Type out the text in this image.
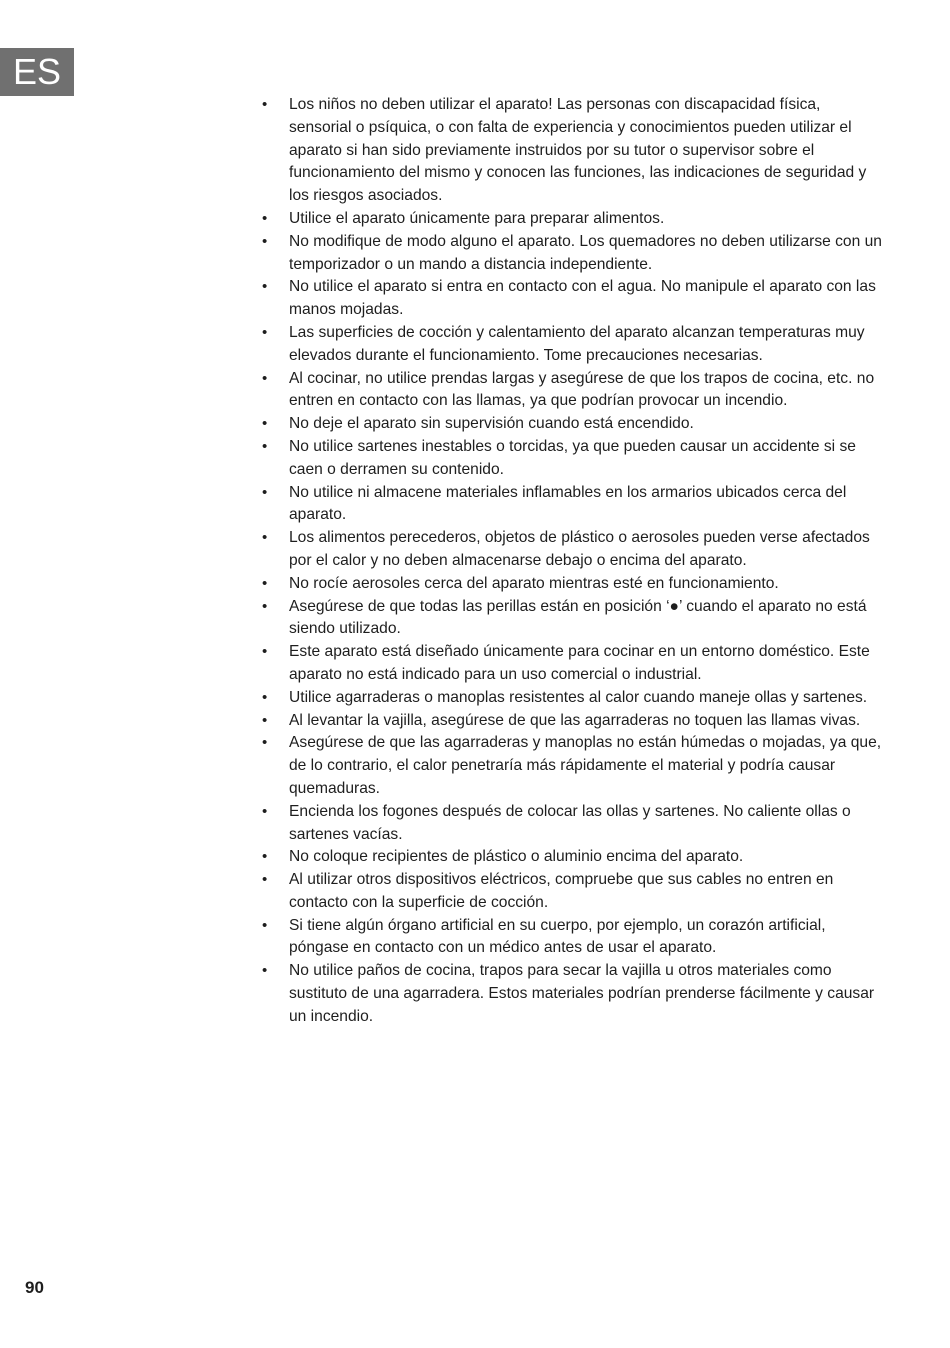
ES
• Los niños no deben utilizar el aparato! Las personas con discapacidad física, sensorial o psíquica, o con falta de experiencia y conocimientos pueden utilizar el aparato si han sido previamente instruidos por su tutor o supervisor sobre el funcionamiento del mismo y conocen las funciones, las indicaciones de seguridad y los riesgos asociados.
• Utilice el aparato únicamente para preparar alimentos.
• No modifique de modo alguno el aparato. Los quemadores no deben utilizarse con un temporizador o un mando a distancia independiente.
• No utilice el aparato si entra en contacto con el agua. No manipule el aparato con las manos mojadas.
• Las superficies de cocción y calentamiento del aparato alcanzan temperaturas muy elevados durante el funcionamiento. Tome precauciones necesarias.
• Al cocinar, no utilice prendas largas y asegúrese de que los trapos de cocina, etc. no entren en contacto con las llamas, ya que podrían provocar un incendio.
• No deje el aparato sin supervisión cuando está encendido.
• No utilice sartenes inestables o torcidas, ya que pueden causar un accidente si se caen o derramen su contenido.
• No utilice ni almacene materiales inflamables en los armarios ubicados cerca del aparato.
• Los alimentos perecederos, objetos de plástico o aerosoles pueden verse afectados por el calor y no deben almacenarse debajo o encima del aparato.
• No rocíe aerosoles cerca del aparato mientras esté en funcionamiento.
• Asegúrese de que todas las perillas están en posición ‘●’ cuando el aparato no está siendo utilizado.
• Este aparato está diseñado únicamente para cocinar en un entorno doméstico. Este aparato no está indicado para un uso comercial o industrial.
• Utilice agarraderas o manoplas resistentes al calor cuando maneje ollas y sartenes.
• Al levantar la vajilla, asegúrese de que las agarraderas no toquen las llamas vivas.
• Asegúrese de que las agarraderas y manoplas no están húmedas o mojadas, ya que, de lo contrario, el calor penetraría más rápidamente el material y podría causar quemaduras.
• Encienda los fogones después de colocar las ollas y sartenes. No caliente ollas o sartenes vacías.
• No coloque recipientes de plástico o aluminio encima del aparato.
• Al utilizar otros dispositivos eléctricos, compruebe que sus cables no entren en contacto con la superficie de cocción.
• Si tiene algún órgano artificial en su cuerpo, por ejemplo, un corazón artificial, póngase en contacto con un médico antes de usar el aparato.
• No utilice paños de cocina, trapos para secar la vajilla u otros materiales como sustituto de una agarradera. Estos materiales podrían prenderse fácilmente y causar un incendio.
90
